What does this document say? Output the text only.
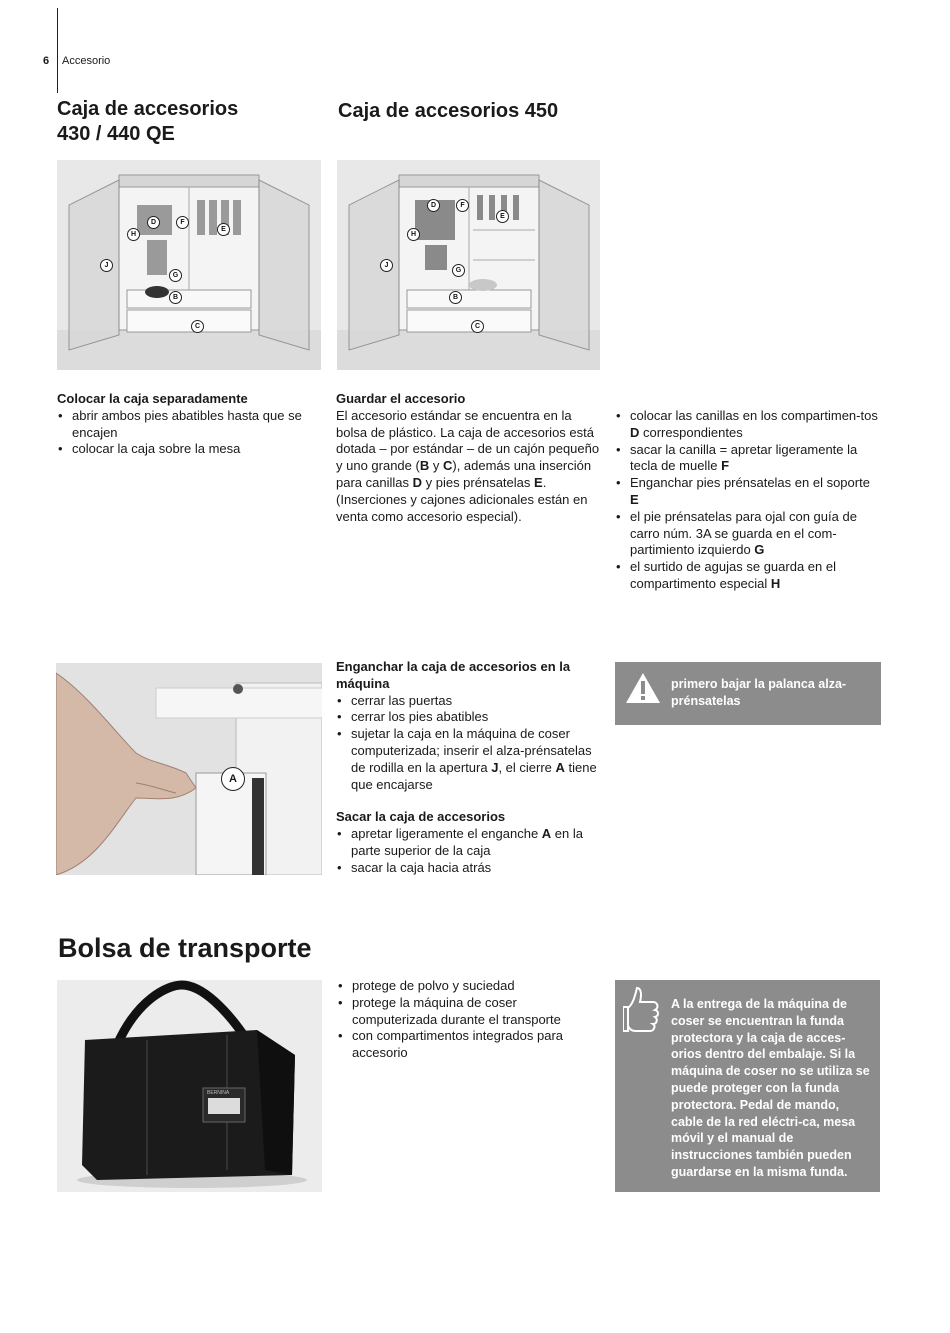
6 Accesorio
Caja de accesorios
430 / 440 QE
Caja de accesorios 450
D	F
E
H
J
G
B
C
D	F
E
H
J
G
B
C
Colocar la caja separadamente
• abrir ambos pies abatibles hasta que se encajen
• colocar la caja sobre la mesa
Guardar el accesorio
El accesorio estándar se encuentra en la bolsa de plástico. La caja de accesorios está dotada – por estándar – de un cajón pequeño y uno grande (B y C), además una inserción para canillas D y pies prénsatelas E. (Inserciones y cajones adicionales están en venta como accesorio especial).
• colocar las canillas en los compartimen-tos D correspondientes
• sacar la canilla = apretar ligeramente la tecla de muelle F
• Enganchar pies prénsatelas en el soporte E
• el pie prénsatelas para ojal con guía de carro núm. 3A se guarda en el com-partimiento izquierdo G
• el surtido de agujas se guarda en el compartimento especial H
A
Enganchar la caja de accesorios en la máquina
• cerrar las puertas
• cerrar los pies abatibles
• sujetar la caja en la máquina de coser computerizada; inserir el alza-prénsatelas de rodilla en la apertura J, el cierre A tiene que encajarse
Sacar la caja de accesorios
• apretar ligeramente el enganche A en la parte superior de la caja
• sacar la caja hacia atrás
primero bajar la palanca alza-prénsatelas
Bolsa de transporte
BERNINA
• protege de polvo y suciedad
• protege la máquina de coser computerizada durante el transporte
• con compartimentos integrados para accesorio
A la entrega de la máquina de coser se encuentran la funda protectora y la caja de acces-orios dentro del embalaje. Si la máquina de coser no se utiliza se puede proteger con la funda protectora. Pedal de mando, cable de la red eléctri-ca, mesa móvil y el manual de instrucciones también pueden guardarse en la misma funda.
